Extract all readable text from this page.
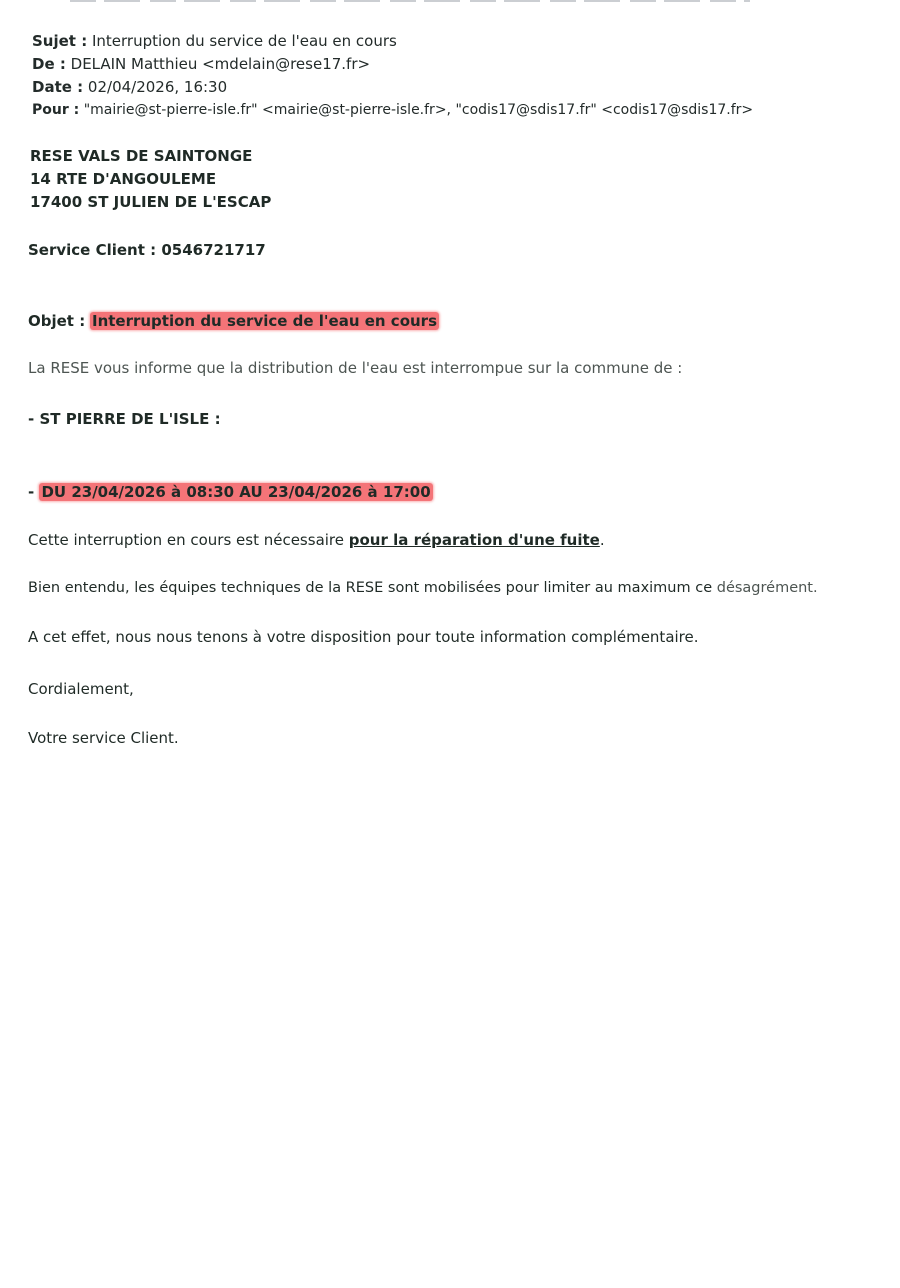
Sujet : Interruption du service de l'eau en cours
De : DELAIN Matthieu <mdelain@rese17.fr>
Date : 02/04/2026, 16:30
Pour : "mairie@st-pierre-isle.fr" <mairie@st-pierre-isle.fr>, "codis17@sdis17.fr" <codis17@sdis17.fr>
RESE VALS DE SAINTONGE
14 RTE D'ANGOULEME
17400 ST JULIEN DE L'ESCAP
Service Client : 0546721717
Objet : Interruption du service de l'eau en cours
La RESE vous informe que la distribution de l'eau est interrompue sur la commune de :
- ST PIERRE DE L'ISLE :
- DU 23/04/2026 à 08:30 AU 23/04/2026 à 17:00
Cette interruption en cours est nécessaire pour la réparation d'une fuite.
Bien entendu, les équipes techniques de la RESE sont mobilisées pour limiter au maximum ce désagrément.
A cet effet, nous nous tenons à votre disposition pour toute information complémentaire.
Cordialement,
Votre service Client.
